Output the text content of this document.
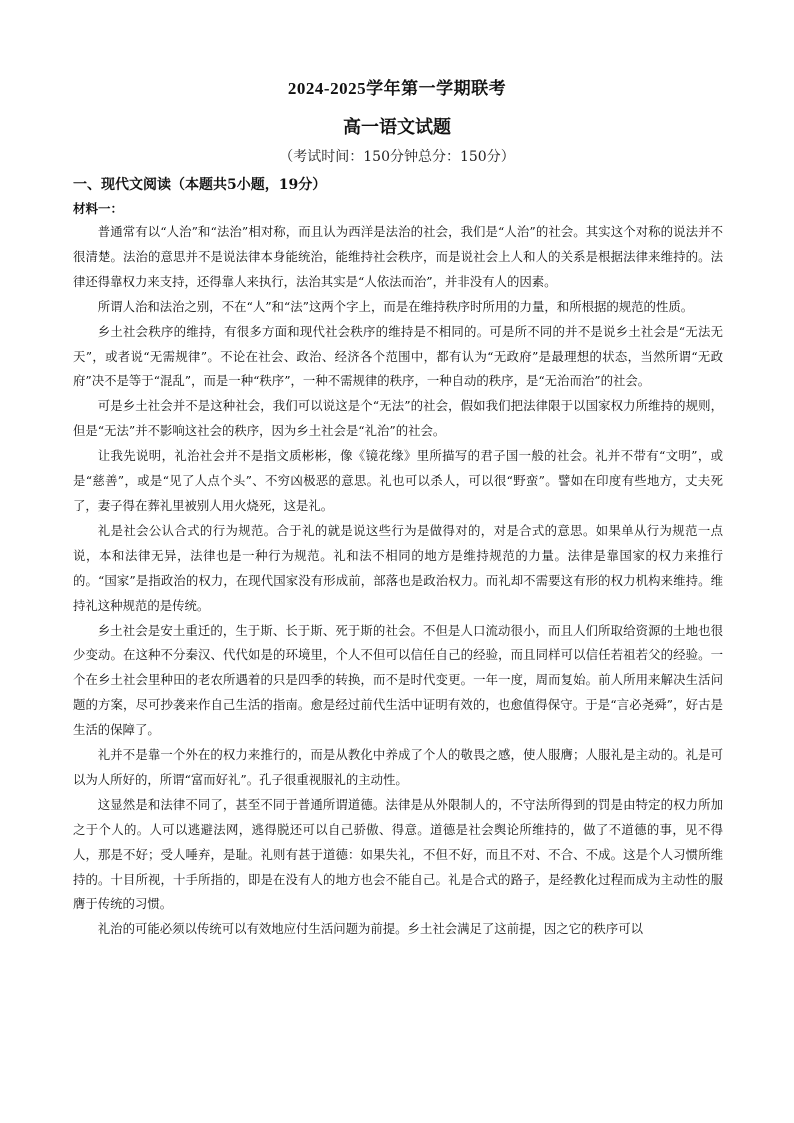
2024-2025学年第一学期联考
高一语文试题
（考试时间：150分钟总分：150分）
一、现代文阅读（本题共5小题，19分）
材料一：

普通常有以“人治”和“法治”相对称，而且认为西洋是法治的社会，我们是“人治”的社会。其实这个对称的说法并不很清楚。法治的意思并不是说法律本身能统治，能维持社会秩序，而是说社会上人和人的关系是根据法律来维持的。法律还得靠权力来支持，还得靠人来执行，法治其实是“人依法而治”，并非没有人的因素。

所谓人治和法治之别，不在“人”和“法”这两个字上，而是在维持秩序时所用的力量，和所根据的规范的性质。

乡土社会秩序的维持，有很多方面和现代社会秩序的维持是不相同的。可是所不同的并不是说乡土社会是“无法无天”，或者说“无需规律”。不论在社会、政治、经济各个范围中，都有认为“无政府”是最理想的状态，当然所谓“无政府”决不是等于“混乱”，而是一种“秩序”，一种不需规律的秩序，一种自动的秩序，是“无治而治”的社会。

可是乡土社会并不是这种社会，我们可以说这是个“无法”的社会，假如我们把法律限于以国家权力所维持的规则，但是“无法”并不影响这社会的秩序，因为乡土社会是“礼治”的社会。

让我先说明，礼治社会并不是指文质彬彬，像《镜花缘》里所描写的君子国一般的社会。礼并不带有“文明”，或是“慈善”，或是“见了人点个头”、不穷凶极恶的意思。礼也可以杀人，可以很“野蛮”。譬如在印度有些地方，丈夫死了，妻子得在葬礼里被别人用火烧死，这是礼。

礼是社会公认合式的行为规范。合于礼的就是说这些行为是做得对的，对是合式的意思。如果单从行为规范一点说，本和法律无异，法律也是一种行为规范。礼和法不相同的地方是维持规范的力量。法律是靠国家的权力来推行的。“国家”是指政治的权力，在现代国家没有形成前，部落也是政治权力。而礼却不需要这有形的权力机构来维持。维持礼这种规范的是传统。

乡土社会是安土重迁的，生于斯、长于斯、死于斯的社会。不但是人口流动很小，而且人们所取给资源的土地也很少变动。在这种不分秦汉、代代如是的环境里，个人不但可以信任自己的经验，而且同样可以信任若祖若父的经验。一个在乡土社会里种田的老农所遇着的只是四季的转换，而不是时代变更。一年一度，周而复始。前人所用来解决生活问题的方案，尽可抄袭来作自己生活的指南。愈是经过前代生活中证明有效的，也愈值得保守。于是“言必尧舜”，好古是生活的保障了。

礼并不是靠一个外在的权力来推行的，而是从教化中养成了个人的敬畏之感，使人服膺；人服礼是主动的。礼是可以为人所好的，所谓“富而好礼”。孔子很重视服礼的主动性。

这显然是和法律不同了，甚至不同于普通所谓道德。法律是从外限制人的，不守法所得到的罚是由特定的权力所加之于个人的。人可以逃避法网，逃得脱还可以自己骄傲、得意。道德是社会舆论所维持的，做了不道德的事，见不得人，那是不好；受人唾弃，是耻。礼则有甚于道德：如果失礼，不但不好，而且不对、不合、不成。这是个人习惯所维持的。十目所视，十手所指的，即是在没有人的地方也会不能自己。礼是合式的路子，是经教化过程而成为主动性的服膺于传统的习惯。

礼治的可能必须以传统可以有效地应付生活问题为前提。乡土社会满足了这前提，因之它的秩序可以
